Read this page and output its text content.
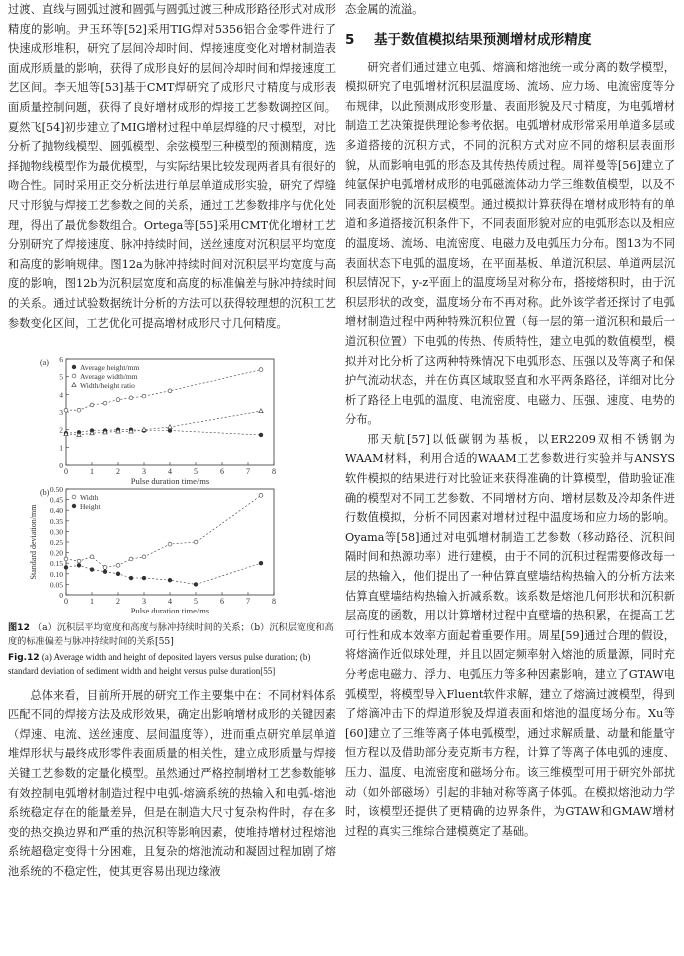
过渡、直线与圆弧过渡和圆弧与圆弧过渡三种成形路径形式对成形精度的影响。尹玉环等[52]采用TIG焊对5356铝合金零件进行了快速成形堆积，研究了层间冷却时间、焊接速度变化对增材制造表面成形质量的影响，获得了成形良好的层间冷却时间和焊接速度工艺区间。李天旭等[53]基于CMT焊研究了成形尺寸精度与成形表面质量控制问题，获得了良好增材成形的焊接工艺参数调控区间。夏然飞[54]初步建立了MIG增材过程中单层焊缝的尺寸模型，对比分析了抛物线模型、圆弧模型、余弦模型三种模型的预测精度，选择抛物线模型作为最优模型，与实际结果比较发现两者具有很好的吻合性。同时采用正交分析法进行单层单道成形实验，研究了焊缝尺寸形貌与焊接工艺参数之间的关系，通过工艺参数排序与优化处理，得出了最优参数组合。Ortega等[55]采用CMT优化增材工艺分别研究了焊接速度、脉冲持续时间，送丝速度对沉积层平均宽度和高度的影响规律。图12a为脉冲持续时间对沉积层平均宽度与高度的影响，图12b为沉积层宽度和高度的标准偏差与脉冲持续时间的关系。通过试验数据统计分析的方法可以获得较理想的沉积工艺参数变化区间，工艺优化可提高增材成形尺寸几何精度。

(a)
0	1	2	3	4	5	6	7	8
0
1
2
3
4
5
6
Pulse duration time/ms
Average height/mm
Average width/mm
Width/height ratio
(b)
0	1	2	3	4	5	6	7	8
0
0.05
0.10
0.15
0.20
0.25
0.30
0.35
0.40
0.45
0.50
Pulse duration time/ms
Standard deviation/mm
Width
Height

图12 （a）沉积层平均宽度和高度与脉冲持续时间的关系；（b）沉积层宽度和高度的标准偏差与脉冲持续时间的关系[55]

Fig.12 (a) Average width and height of deposited layers versus pulse duration; (b) standard deviation of sediment width and height versus pulse duration[55]

总体来看，目前所开展的研究工作主要集中在：不同材料体系匹配不同的焊接方法及成形效果，确定出影响增材成形的关键因素（焊速、电流、送丝速度、层间温度等），进而重点研究单层单道堆焊形状与最终成形零件表面质量的相关性，建立成形质量与焊接关键工艺参数的定量化模型。虽然通过严格控制增材工艺参数能够有效控制电弧增材制造过程中电弧-熔滴系统的热输入和电弧-熔池系统稳定存在的能量差异，但是在制造大尺寸复杂构件时，存在多变的热交换边界和严重的热沉积等影响因素，使堆持增材过程熔池系统超稳定变得十分困难，且复杂的熔池流动和凝固过程加剧了熔池系统的不稳定性，使其更容易出现边缘液

态金属的流溢。

5 基于数值模拟结果预测增材成形精度

研究者们通过建立电弧、熔滴和熔池统一或分离的数学模型，模拟研究了电弧增材沉积层温度场、流场、应力场、电流密度等分布规律，以此预测成形变形量、表面形貌及尺寸精度，为电弧增材制造工艺决策提供理论参考依据。电弧增材成形常采用单道多层或多道搭接的沉积方式，不同的沉积方式对应不同的熔积层表面形貌，从而影响电弧的形态及其传热传质过程。周祥曼等[56]建立了纯氩保护电弧增材成形的电弧磁流体动力学三维数值模型，以及不同表面形貌的沉积层模型。通过模拟计算获得在增材成形特有的单道和多道搭接沉积条件下，不同表面形貌对应的电弧形态以及相应的温度场、流场、电流密度、电磁力及电弧压力分布。图13为不同表面状态下电弧的温度场，在平面基板、单道沉积层、单道两层沉积层情况下，y-z平面上的温度场呈对称分布，搭接熔积时，由于沉积层形状的改变，温度场分布不再对称。此外该学者还探讨了电弧增材制造过程中两种特殊沉积位置（每一层的第一道沉积和最后一道沉积位置）下电弧的传热、传质特性，建立电弧的数值模型，模拟并对比分析了这两种特殊情况下电弧形态、压强以及等离子和保护气流动状态，并在仿真区域取竖直和水平两条路径，详细对比分析了路径上电弧的温度、电流密度、电磁力、压强、速度、电势的分布。

邢天航[57]以低碳钢为基板，以ER2209双相不锈钢为WAAM材料，利用合适的WAAM工艺参数进行实验并与ANSYS软件模拟的结果进行对比验证来获得准确的计算模型，借助验证准确的模型对不同工艺参数、不同增材方向、增材层数及冷却条件进行数值模拟，分析不同因素对增材过程中温度场和应力场的影响。Oyama等[58]通过对电弧增材制造工艺参数（移动路径、沉积间隔时间和热源功率）进行建模，由于不同的沉积过程需要修改每一层的热输入，他们提出了一种估算直壁墙结构热输入的分析方法来估算直壁墙结构热输入折减系数。该系数是熔池几何形状和沉积新层高度的函数，用以计算增材过程中直壁墙的热积累，在提高工艺可行性和成本效率方面起着重要作用。周星[59]通过合理的假设，将熔滴作近似球处理，并且以固定频率射入熔池的质量源，同时充分考虑电磁力、浮力、电弧压力等多种因素影响，建立了GTAW电弧模型，将模型导入Fluent软件求解，建立了熔滴过渡模型，得到了熔滴冲击下的焊道形貌及焊道表面和熔池的温度场分布。Xu等[60]建立了三维等离子体电弧模型，通过求解质量、动量和能量守恒方程以及借助部分麦克斯韦方程，计算了等离子体电弧的速度、压力、温度、电流密度和磁场分布。该三维模型可用于研究外部扰动（如外部磁场）引起的非轴对称等离子体弧。在模拟熔池动力学时，该模型还提供了更精确的边界条件，为GTAW和GMAW增材过程的真实三维综合建模奠定了基础。
